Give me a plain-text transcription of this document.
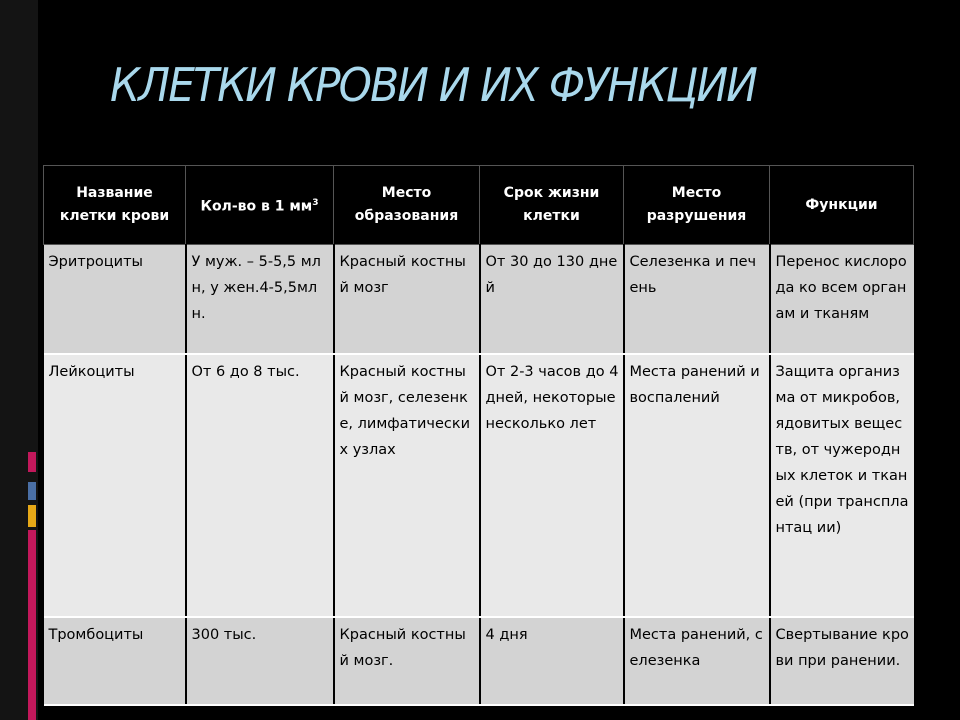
КЛЕТКИ КРОВИ И ИХ ФУНКЦИИ
Название клетки крови	Кол-во в 1 $мм^3$	Место образования	Срок жизни клетки	Место разрушения	Функции
Эритроциты	У муж. – 5-5,5 млн, у жен.4-5,5млн.	Красный костный мозг	От 30 до 130 дней	Селезенка и печень	Перенос кислорода ко всем органам и тканям
Лейкоциты	От 6 до 8 тыс.	Красный костный мозг, селезенке, лимфатически х узлах	От 2-3 часов до 4 дней, некоторые несколько лет	Места ранений и воспалений	Защита организма от микробов, ядовитых веществ, от чужеродных клеток и тканей (при трансплантац ии)
Тромбоциты	300 тыс.	Красный костный мозг.	4 дня	Места ранений, селезенка	Свертывание крови при ранении.
